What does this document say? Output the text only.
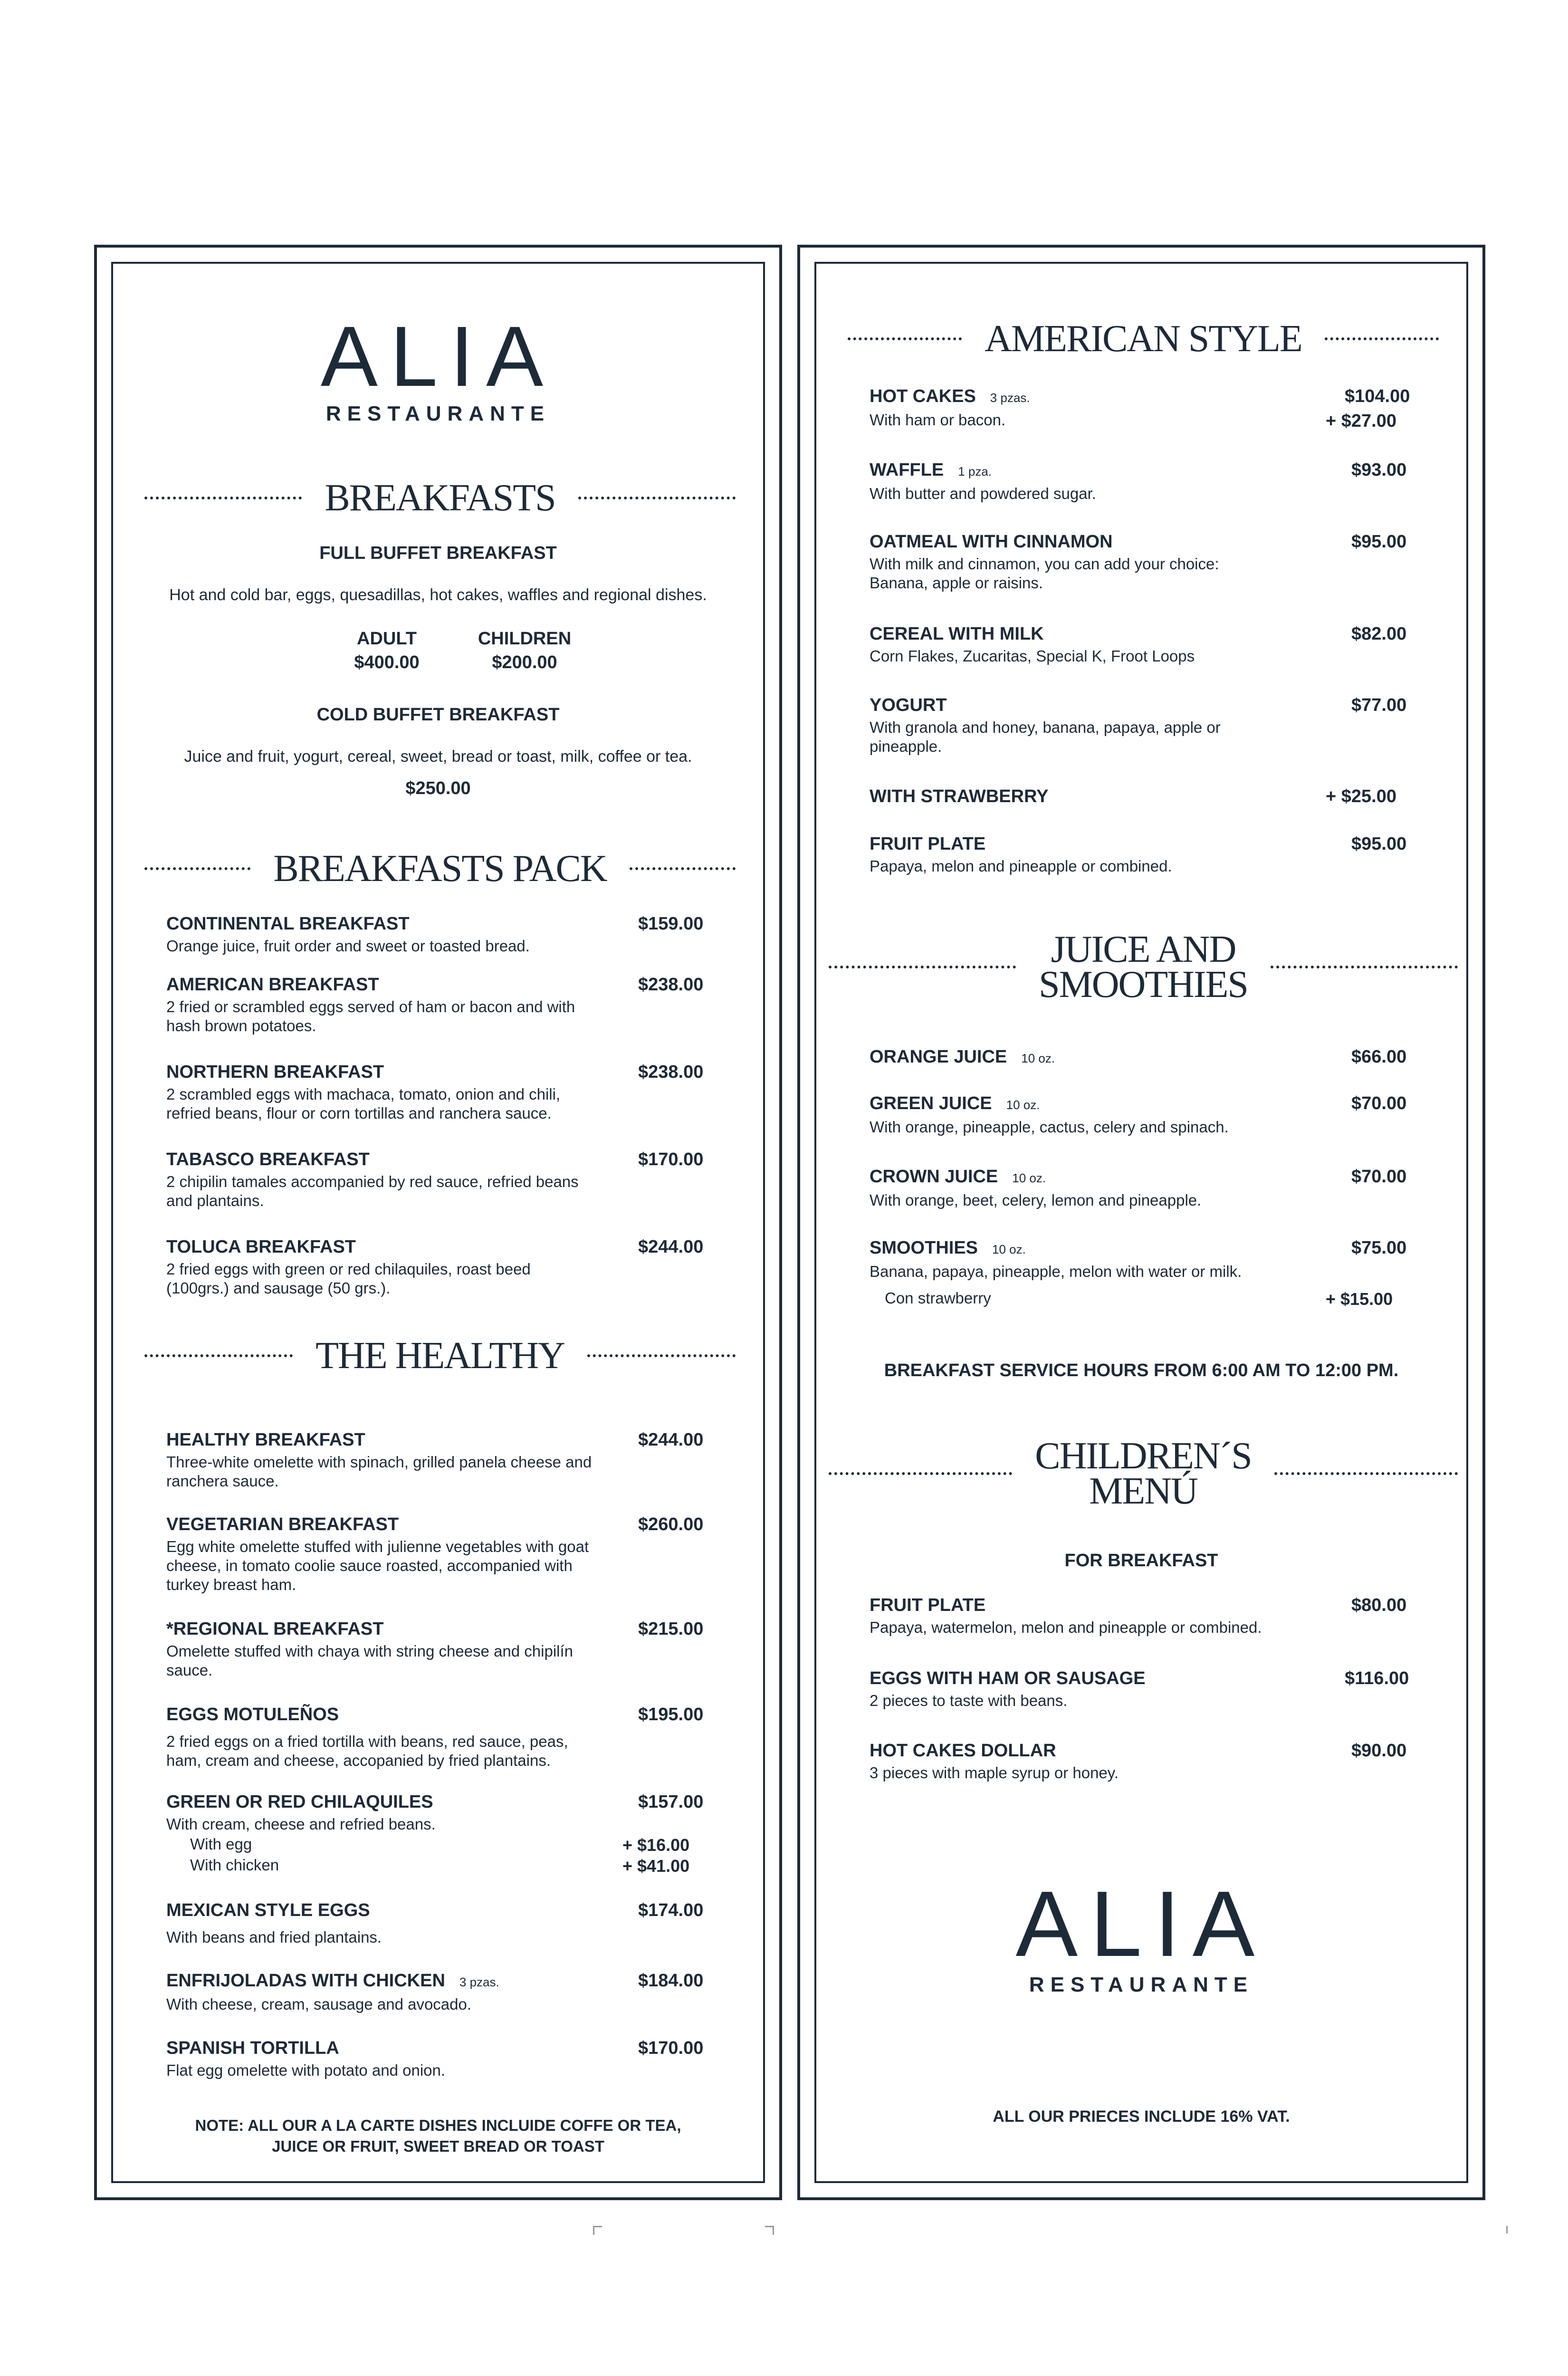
ALIA
RESTAURANTE
BREAKFASTS
FULL BUFFET BREAKFAST
Hot and cold bar, eggs, quesadillas, hot cakes, waffles and regional dishes.
ADULT	CHILDREN
$400.00	$200.00
COLD BUFFET BREAKFAST
Juice and fruit, yogurt, cereal, sweet, bread or toast, milk, coffee or tea.
$250.00
BREAKFASTS PACK
CONTINENTAL BREAKFAST	$159.00
Orange juice, fruit order and sweet or toasted bread.
AMERICAN BREAKFAST	$238.00
2 fried or scrambled eggs served of ham or bacon and with hash brown potatoes.
NORTHERN BREAKFAST	$238.00
2 scrambled eggs with machaca, tomato, onion and chili, refried beans, flour or corn tortillas and ranchera sauce.
TABASCO BREAKFAST	$170.00
2 chipilin tamales accompanied by red sauce, refried beans and plantains.
TOLUCA BREAKFAST	$244.00
2 fried eggs with green or red chilaquiles, roast beed (100grs.) and sausage (50 grs.).
THE HEALTHY
HEALTHY BREAKFAST	$244.00
Three-white omelette with spinach, grilled panela cheese and ranchera sauce.
VEGETARIAN BREAKFAST	$260.00
Egg white omelette stuffed with julienne vegetables with goat cheese, in tomato coolie sauce roasted, accompanied with turkey breast ham.
*REGIONAL BREAKFAST	$215.00
Omelette stuffed with chaya with string cheese and chipilín sauce.
EGGS MOTULEÑOS	$195.00
2 fried eggs on a fried tortilla with beans, red sauce, peas, ham, cream and cheese, accopanied by fried plantains.
GREEN OR RED CHILAQUILES	$157.00
With cream, cheese and refried beans.
With egg	+ $16.00
With chicken	+ $41.00
MEXICAN STYLE EGGS	$174.00
With beans and fried plantains.
ENFRIJOLADAS WITH CHICKEN 3 pzas.	$184.00
With cheese, cream, sausage and avocado.
SPANISH TORTILLA	$170.00
Flat egg omelette with potato and onion.
NOTE: ALL OUR A LA CARTE DISHES INCLUIDE COFFE OR TEA,
JUICE OR FRUIT, SWEET BREAD OR TOAST
AMERICAN STYLE
HOT CAKES 3 pzas.	$104.00
With ham or bacon.	+ $27.00
WAFFLE 1 pza.	$93.00
With butter and powdered sugar.
OATMEAL WITH CINNAMON	$95.00
With milk and cinnamon, you can add your choice: Banana, apple or raisins.
CEREAL WITH MILK	$82.00
Corn Flakes, Zucaritas, Special K, Froot Loops
YOGURT	$77.00
With granola and honey, banana, papaya, apple or pineapple.
WITH STRAWBERRY	+ $25.00
FRUIT PLATE	$95.00
Papaya, melon and pineapple or combined.
JUICE AND
SMOOTHIES
ORANGE JUICE 10 oz.	$66.00
GREEN JUICE 10 oz.	$70.00
With orange, pineapple, cactus, celery and spinach.
CROWN JUICE 10 oz.	$70.00
With orange, beet, celery, lemon and pineapple.
SMOOTHIES 10 oz.	$75.00
Banana, papaya, pineapple, melon with water or milk.
Con strawberry	+ $15.00
BREAKFAST SERVICE HOURS FROM 6:00 AM TO 12:00 PM.
CHILDREN´S
MENÚ
FOR BREAKFAST
FRUIT PLATE	$80.00
Papaya, watermelon, melon and pineapple or combined.
EGGS WITH HAM OR SAUSAGE	$116.00
2 pieces to taste with beans.
HOT CAKES DOLLAR	$90.00
3 pieces with maple syrup or honey.
ALIA
RESTAURANTE
ALL OUR PRIECES INCLUDE 16% VAT.
